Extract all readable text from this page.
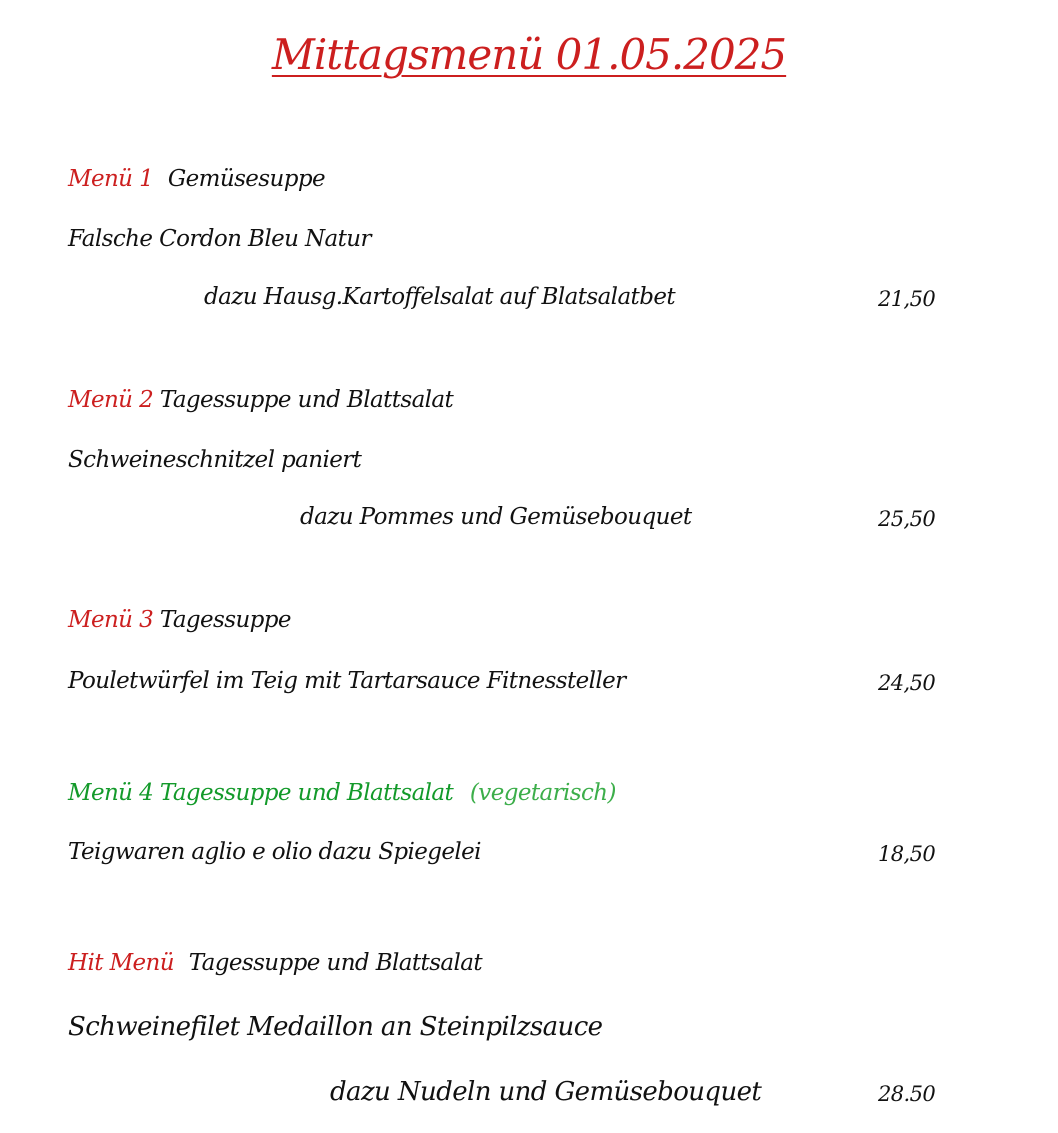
Mittagsmenü 01.05.2025
Menü 1 Gemüsesuppe
Falsche Cordon Bleu Natur
dazu Hausg.Kartoffelsalat auf Blatsalatbet	21,50
Menü 2 Tagessuppe und Blattsalat
Schweineschnitzel paniert
dazu Pommes und Gemüsebouquet	25,50
Menü 3 Tagessuppe
Pouletwürfel im Teig mit Tartarsauce Fitnessteller	24,50
Menü 4 Tagessuppe und Blattsalat (vegetarisch)
Teigwaren aglio e olio dazu Spiegelei	18,50
Hit Menü Tagessuppe und Blattsalat
Schweinefilet Medaillon an Steinpilzsauce
dazu Nudeln und Gemüsebouquet	28.50
